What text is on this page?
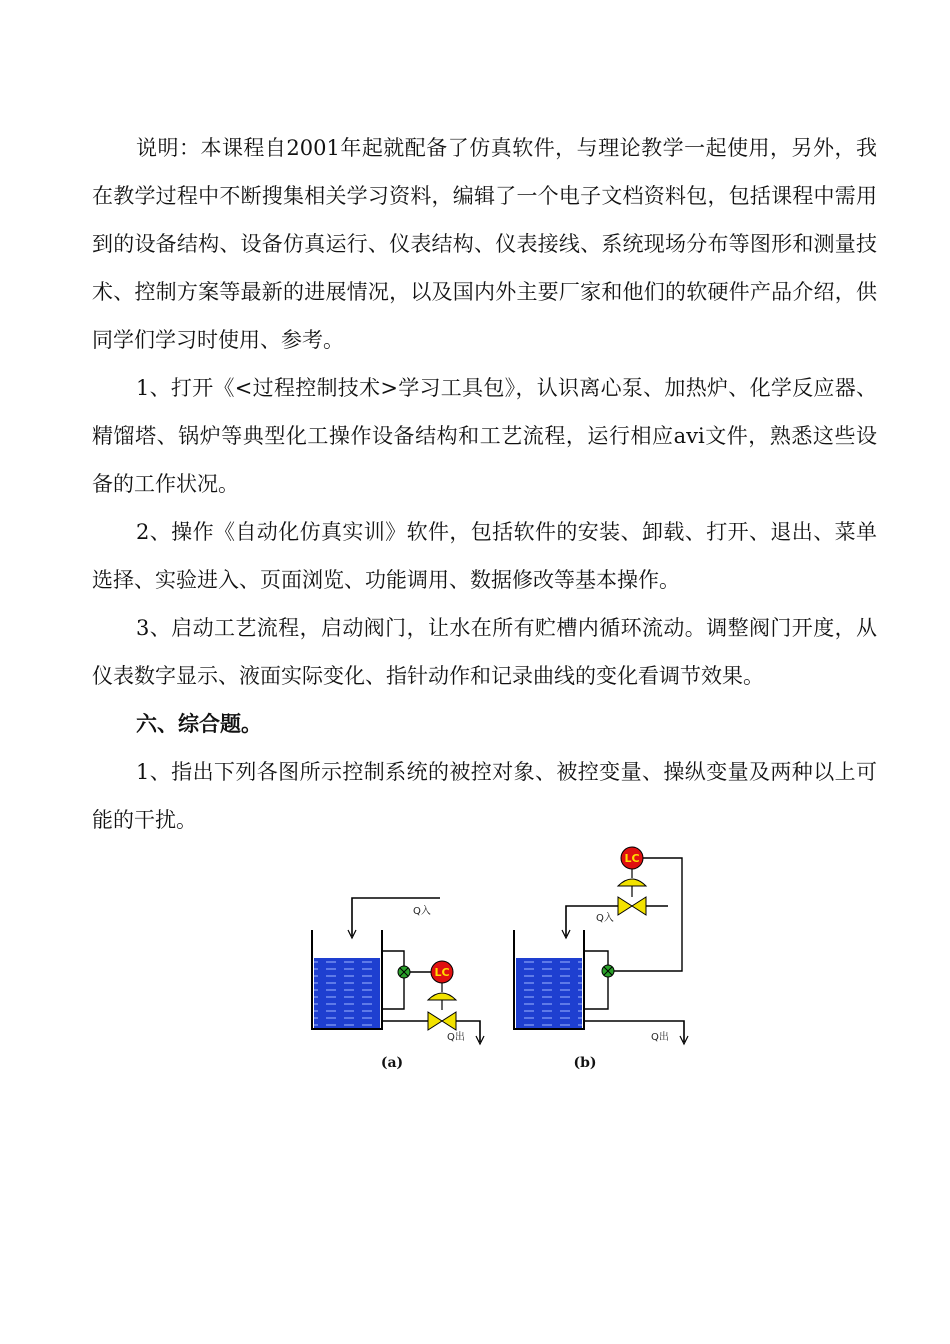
说明：本课程自2001年起就配备了仿真软件，与理论教学一起使用，另外，我在教学过程中不断搜集相关学习资料，编辑了一个电子文档资料包，包括课程中需用到的设备结构、设备仿真运行、仪表结构、仪表接线、系统现场分布等图形和测量技术、控制方案等最新的进展情况，以及国内外主要厂家和他们的软硬件产品介绍，供同学们学习时使用、参考。

1、打开《<过程控制技术>学习工具包》，认识离心泵、加热炉、化学反应器、精馏塔、锅炉等典型化工操作设备结构和工艺流程，运行相应avi文件，熟悉这些设备的工作状况。

2、操作《自动化仿真实训》软件，包括软件的安装、卸载、打开、退出、菜单选择、实验进入、页面浏览、功能调用、数据修改等基本操作。

3、启动工艺流程，启动阀门，让水在所有贮槽内循环流动。调整阀门开度，从仪表数字显示、液面实际变化、指针动作和记录曲线的变化看调节效果。

六、综合题。

1、指出下列各图所示控制系统的被控对象、被控变量、操纵变量及两种以上可能的干扰。

Q入
LC
Q出
(a)
Q入
LC
Q出
(b)
